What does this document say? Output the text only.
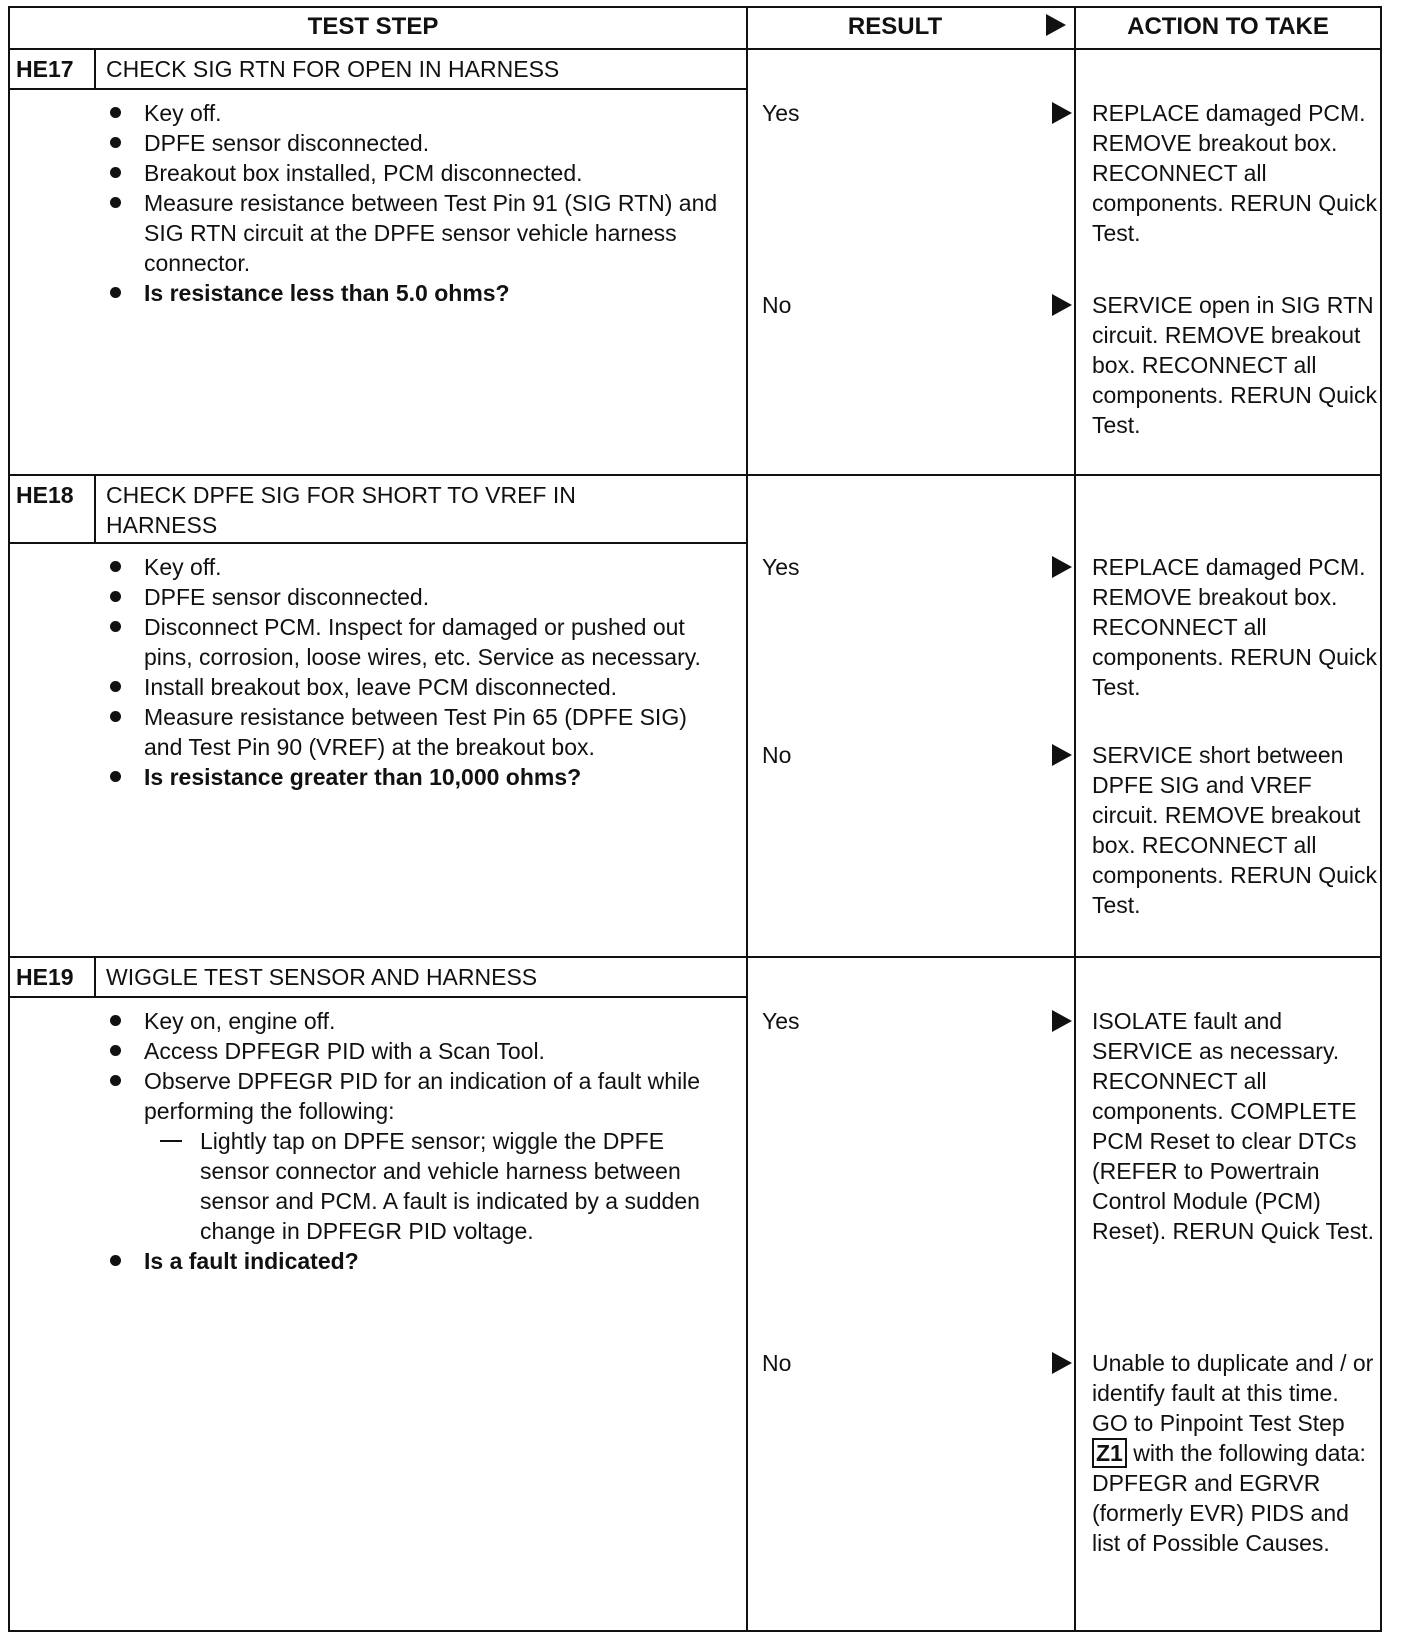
TEST STEP	RESULT	ACTION TO TAKE
HE17 CHECK SIG RTN FOR OPEN IN HARNESS
Key off.
DPFE sensor disconnected.
Breakout box installed, PCM disconnected.
Measure resistance between Test Pin 91 (SIG RTN) and SIG RTN circuit at the DPFE sensor vehicle harness connector.
Is resistance less than 5.0 ohms?
Yes	REPLACE damaged PCM. REMOVE breakout box. RECONNECT all components. RERUN Quick Test.
No	SERVICE open in SIG RTN circuit. REMOVE breakout box. RECONNECT all components. RERUN Quick Test.
HE18 CHECK DPFE SIG FOR SHORT TO VREF IN HARNESS
Key off.
DPFE sensor disconnected.
Disconnect PCM. Inspect for damaged or pushed out pins, corrosion, loose wires, etc. Service as necessary.
Install breakout box, leave PCM disconnected.
Measure resistance between Test Pin 65 (DPFE SIG) and Test Pin 90 (VREF) at the breakout box.
Is resistance greater than 10,000 ohms?
Yes	REPLACE damaged PCM. REMOVE breakout box. RECONNECT all components. RERUN Quick Test.
No	SERVICE short between DPFE SIG and VREF circuit. REMOVE breakout box. RECONNECT all components. RERUN Quick Test.
HE19 WIGGLE TEST SENSOR AND HARNESS
Key on, engine off.
Access DPFEGR PID with a Scan Tool.
Observe DPFEGR PID for an indication of a fault while performing the following:
Lightly tap on DPFE sensor; wiggle the DPFE sensor connector and vehicle harness between sensor and PCM. A fault is indicated by a sudden change in DPFEGR PID voltage.
Is a fault indicated?
Yes	ISOLATE fault and SERVICE as necessary. RECONNECT all components. COMPLETE PCM Reset to clear DTCs (REFER to Powertrain Control Module (PCM) Reset). RERUN Quick Test.
No	Unable to duplicate and / or identify fault at this time. GO to Pinpoint Test Step Z1 with the following data: DPFEGR and EGRVR (formerly EVR) PIDS and list of Possible Causes.
